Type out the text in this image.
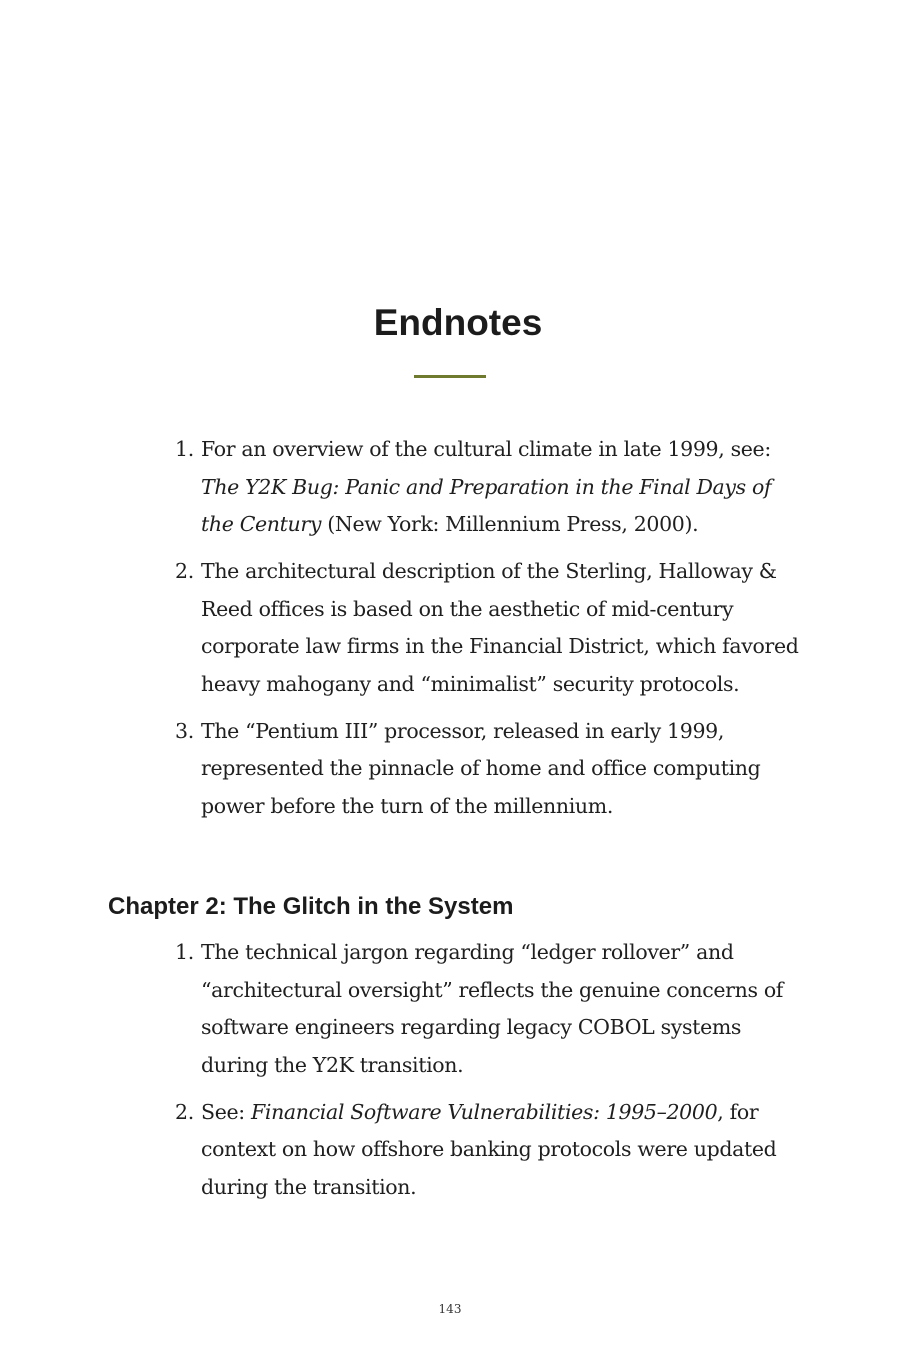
Endnotes
1. For an overview of the cultural climate in late 1999, see: The Y2K Bug: Panic and Preparation in the Final Days of the Century (New York: Millennium Press, 2000).
2. The architectural description of the Sterling, Halloway & Reed offices is based on the aesthetic of mid-century corporate law firms in the Financial District, which favored heavy mahogany and “minimalist” security protocols.
3. The “Pentium III” processor, released in early 1999, represented the pinnacle of home and office computing power before the turn of the millennium.
Chapter 2: The Glitch in the System
1. The technical jargon regarding “ledger rollover” and “architectural oversight” reflects the genuine concerns of software engineers regarding legacy COBOL systems during the Y2K transition.
2. See: Financial Software Vulnerabilities: 1995–2000, for context on how offshore banking protocols were updated during the transition.
143
